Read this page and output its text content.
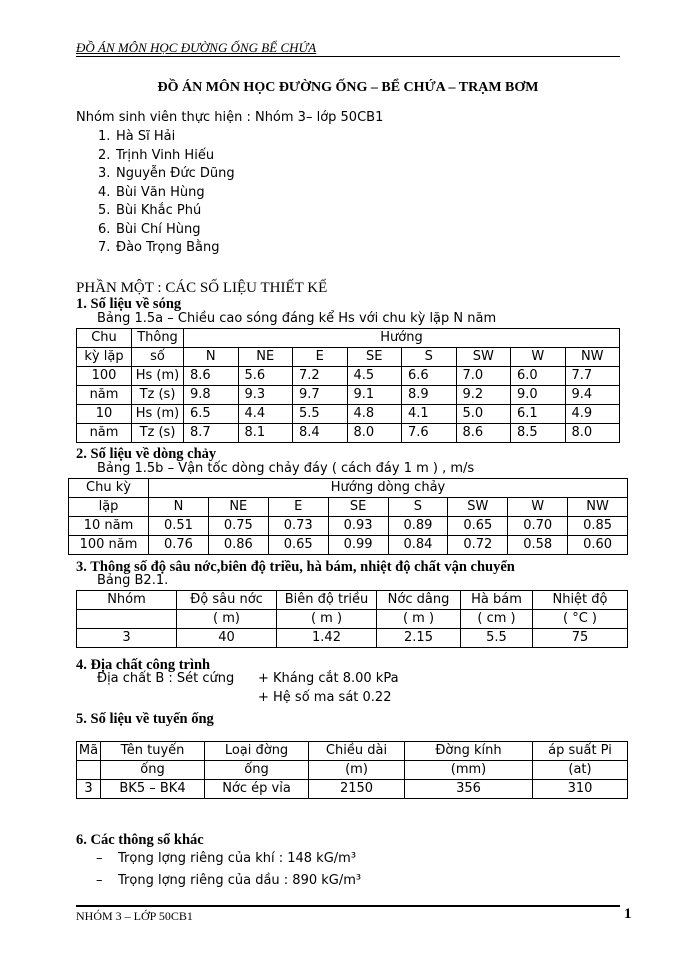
ĐỒ ÁN MÔN HỌC ĐƯỜNG ỐNG BỂ CHỨA
ĐỒ ÁN MÔN HỌC ĐƯỜNG ỐNG – BỂ CHỨA – TRẠM BƠM
Nhóm sinh viên thực hiện : Nhóm 3– lớp 50CB1
1. Hà Sĩ Hải
2. Trịnh Vinh Hiếu
3. Nguyễn Đức Dũng
4. Bùi Văn Hùng
5. Bùi Khắc Phú
6. Bùi Chí Hùng
7. Đào Trọng Bằng
PHẦN MỘT : CÁC SỐ LIỆU THIẾT KẾ
1. Số liệu về sóng
Bảng 1.5a – Chiều cao sóng đáng kể Hs với chu kỳ lặp N năm
Chu	Thông	Hướng							
kỳ lặp	số	N	NE	E	SE	S	SW	W	NW
100	Hs (m)	8.6	5.6	7.2	4.5	6.6	7.0	6.0	7.7
năm	Tz (s)	9.8	9.3	9.7	9.1	8.9	9.2	9.0	9.4
10	Hs (m)	6.5	4.4	5.5	4.8	4.1	5.0	6.1	4.9
năm	Tz (s)	8.7	8.1	8.4	8.0	7.6	8.6	8.5	8.0
2. Số liệu về dòng chảy
Bảng 1.5b – Vận tốc dòng chảy đáy ( cách đáy 1 m ) , m/s
Chu kỳ	Hướng dòng chảy							
lặp	N	NE	E	SE	S	SW	W	NW
10 năm	0.51	0.75	0.73	0.93	0.89	0.65	0.70	0.85
100 năm	0.76	0.86	0.65	0.99	0.84	0.72	0.58	0.60
3. Thông số độ sâu nớc,biên độ triều, hà bám, nhiệt độ chất vận chuyển
Bảng B2.1.
Nhóm	Độ sâu nớc	Biên độ triều	Nớc dâng	Hà bám	Nhiệt độ
	( m)	( m )	( m )	( cm )	( °C )
3	40	1.42	2.15	5.5	75
4. Địa chất công trình
Địa chất B : Sét cứng + Kháng cắt 8.00 kPa
+ Hệ số ma sát 0.22
5. Số liệu về tuyến ống
Mã	Tên tuyến	Loại đờng	Chiều dài	Đờng kính	áp suất Pi
	ống	ống	(m)	(mm)	(at)
3	BK5 – BK4	Nớc ép vỉa	2150	356	310
6. Các thông số khác
– Trọng lợng riêng của khí : 148 kG/m³
– Trọng lợng riêng của dầu : 890 kG/m³
NHÓM 3 – LỚP 50CB1	1
